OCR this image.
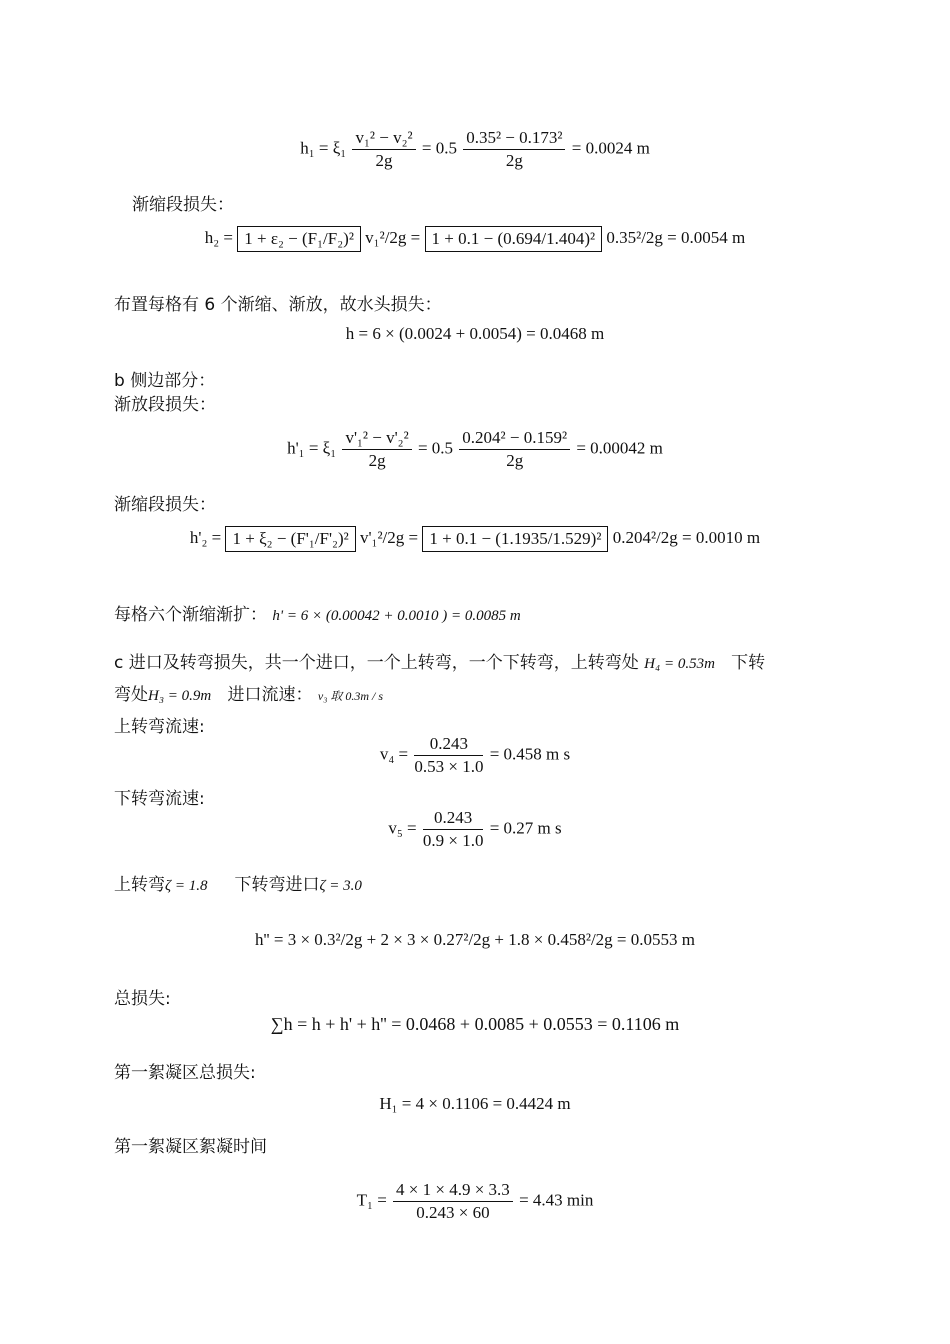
$h_1 = \xi_1 \frac{\text{v₁² − v₂²}}{2g} = 0.5 \frac{\text{0.35² − 0.173²}}{2g} = 0.0024$ m
渐缩段损失：
h₂ = 1 + ε₂ − (F₁/F₂)² v₁²/2g = 1 + 0.1 − (0.694/1.404)² 0.35²/2g = 0.0054 m
布置每格有 6 个渐缩、渐放，故水头损失：
h = 6 × (0.0024 + 0.0054) = 0.0468 m
b 侧边部分：
渐放段损失：
$h'_1 = \xi_1 \frac{\text{v'₁² − v'₂²}}{2g} = 0.5 \frac{\text{0.204² − 0.159²}}{2g} = 0.00042$ m
渐缩段损失：
h'₂ = 1 + ξ₂ − (F'₁/F'₂)² v'₁²/2g = 1 + 0.1 − (1.1935/1.529)² 0.204²/2g = 0.0010 m
每格六个渐缩渐扩： h' = 6 × (0.00042 + 0.0010 ) = 0.0085 m
c 进口及转弯损失，共一个进口，一个上转弯，一个下转弯，上转弯处 H₄ = 0.53m 下转
弯处H₃ = 0.9m 进口流速： v₃ 取 0.3m / s
上转弯流速:
$v_4 = \frac{0.243}{0.53 \times 1.0} = 0.458$ m s
下转弯流速:
$v_5 = \frac{0.243}{0.9 \times 1.0} = 0.27$ m s
上转弯ζ = 1.8 下转弯进口ζ = 3.0
h'' = 3 × 0.3²/2g + 2 × 3 × 0.27²/2g + 1.8 × 0.458²/2g = 0.0553 m
总损失:
∑h = h + h' + h'' = 0.0468 + 0.0085 + 0.0553 = 0.1106 m
第一絮凝区总损失:
H₁ = 4 × 0.1106 = 0.4424 m
第一絮凝区絮凝时间
$T_1 = \frac{4 \times 1 \times 4.9 \times 3.3}{0.243 \times 60} = 4.43$ min
